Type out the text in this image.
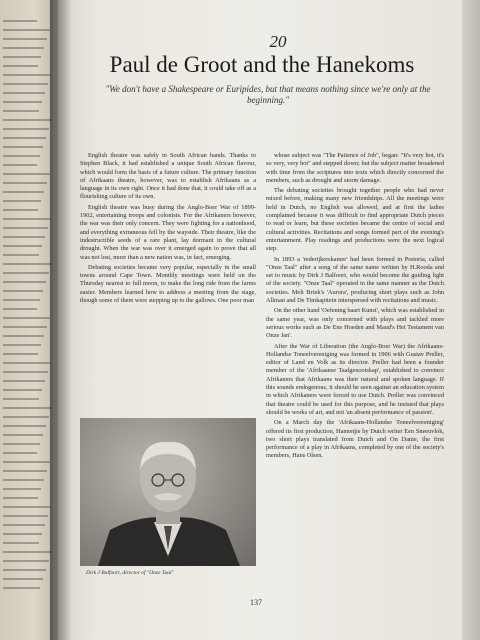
20
Paul de Groot and the Hanekoms
"We don't have a Shakespeare or Euripides, but that means nothing since we're only at the beginning."

English theatre was safely in South African hands. Thanks to Stephen Black, it had established a unique South African flavour, which would form the basis of a future culture. The primary function of Afrikaans theatre, however, was to establish Afrikaans as a language in its own right. Once it had done that, it could take off as a flourishing culture of its own.

English theatre was busy during the Anglo-Boer War of 1899-1902, entertaining troops and colonists. For the Afrikaners however, the war was their only concern. They were fighting for a nationhood, and everything extraneous fell by the wayside. Their theatre, like the indestructible seeds of a rare plant, lay dormant in the cultural drought. When the war was over it emerged again to prove that all was not lost, more than a new nation was, in fact, emerging.

Debating societies became very popular, especially in the small towns around Cape Town. Monthly meetings were held on the Thursday nearest to full moon, to make the long ride from the farms easier. Members learned how to address a meeting from the stage, though some of them were stepping up to the gallows. One poor man

Dirk J Balfoort, director of "Onze Taal"

whose subject was "The Patience of Job", began: "It's very hot, it's so very, very hot" and stepped down; but the subject matter broadened with time from the scriptures into texts which directly concerned the members, such as drought and storm damage.

The debating societies brought together people who had never mixed before, making many new friendships. All the meetings were held in Dutch, no English was allowed, and at first the ladies complained because it was difficult to find appropriate Dutch pieces to read or learn, but these societies became the centre of social and cultural activities. Recitations and songs formed part of the evening's entertainment. Play readings and productions were the next logical step.

In 1893 a 'rederijkerskamer' had been formed in Pretoria, called "Onze Taal" after a song of the same name written by H.Rooda and set to music by Dirk J Balfoort, who would become the guiding light of the society. "Onze Taal" operated in the same manner as the Dutch societies. Melt Brink's 'Aurora', producing short plays such as John Allman and De Timkapitein interspersed with recitations and music.

On the other hand 'Oefening baart Kunst', which was established in the same year, was only concerned with plays and tackled more serious works such as De Ene Hoeden and Maud's Het Testament van Onze Jan'.

After the War of Liberation (the Anglo-Boer War) the Afrikaans-Hollandse Toneelvereniging was formed in 1906 with Gustav Preller, editor of Land en Volk as its director. Preller had been a founder member of the 'Afrikaanse Taalgenootskap', established to convince Afrikaners that Afrikaans was their natural and spoken language. If this sounds endogenous, it should be seen against an education system in which Afrikaners were forced to use Dutch. Preller was convinced that theatre could be used for this purpose, and he insisted that plays should be works of art, and not 'an absent performance of passion'.

On a March day the 'Afrikaans-Hollandse Toneelvereeniging' offered its first production, Hannetjie by Dutch writer Een Sneeuvlok, two short plays translated from Dutch and On Danie, the first performance of a play in Afrikaans, completed by one of the society's members, Hans Olsen.

137
